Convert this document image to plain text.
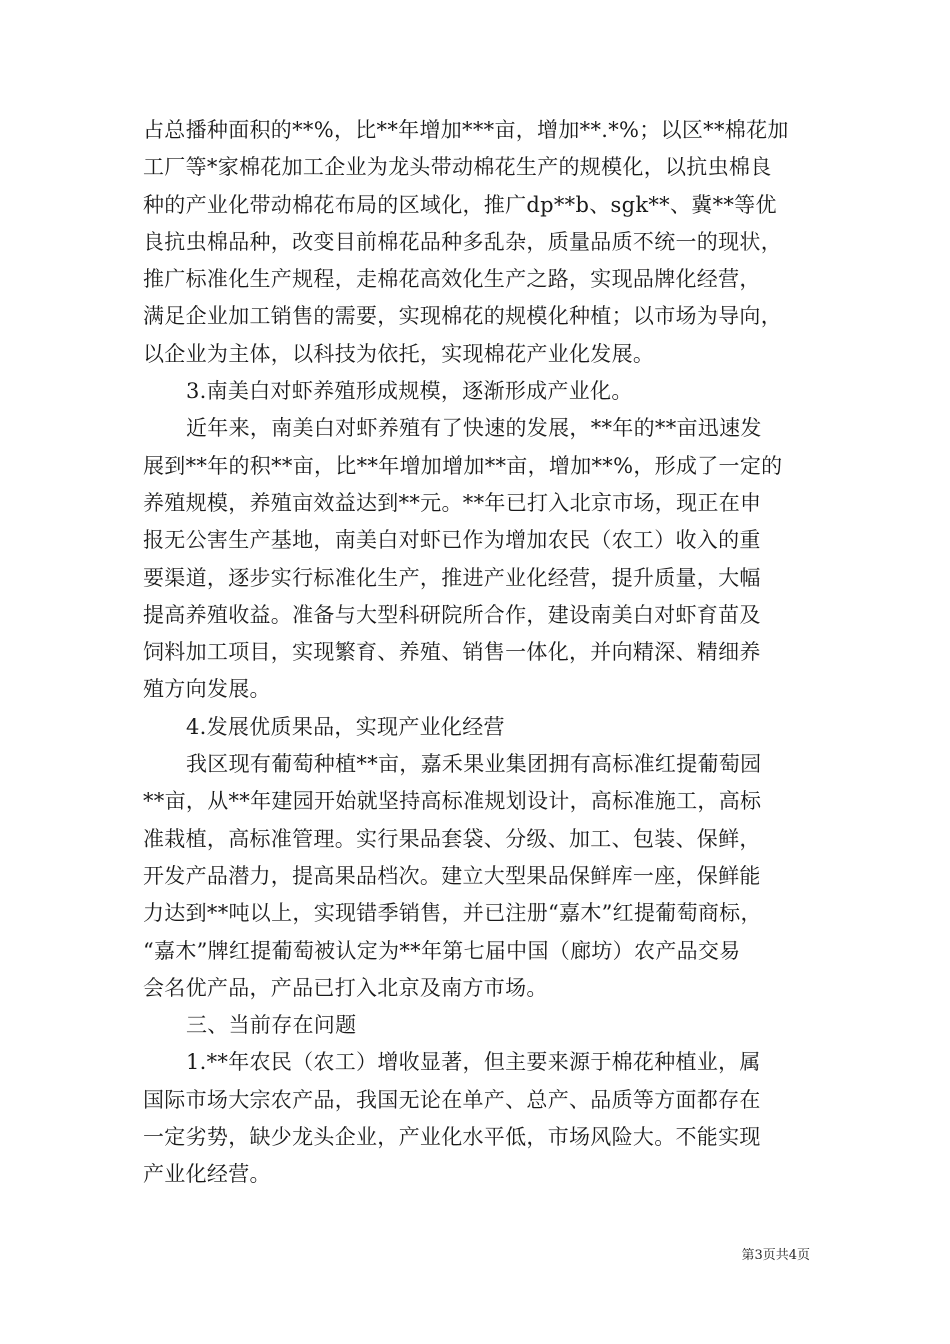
占总播种面积的**%，比**年增加***亩，增加**.*%；以区**棉花加
工厂等*家棉花加工企业为龙头带动棉花生产的规模化，以抗虫棉良
种的产业化带动棉花布局的区域化，推广dp**b、sgk**、冀**等优
良抗虫棉品种，改变目前棉花品种多乱杂，质量品质不统一的现状，
推广标准化生产规程，走棉花高效化生产之路，实现品牌化经营，
满足企业加工销售的需要，实现棉花的规模化种植；以市场为导向，
以企业为主体，以科技为依托，实现棉花产业化发展。
3.南美白对虾养殖形成规模，逐渐形成产业化。
近年来，南美白对虾养殖有了快速的发展，**年的**亩迅速发
展到**年的积**亩，比**年增加增加**亩，增加**%，形成了一定的
养殖规模，养殖亩效益达到**元。**年已打入北京市场，现正在申
报无公害生产基地，南美白对虾已作为增加农民（农工）收入的重
要渠道，逐步实行标准化生产，推进产业化经营，提升质量，大幅
提高养殖收益。准备与大型科研院所合作，建设南美白对虾育苗及
饲料加工项目，实现繁育、养殖、销售一体化，并向精深、精细养
殖方向发展。
4.发展优质果品，实现产业化经营
我区现有葡萄种植**亩，嘉禾果业集团拥有高标准红提葡萄园
**亩，从**年建园开始就坚持高标准规划设计，高标准施工，高标
准栽植，高标准管理。实行果品套袋、分级、加工、包装、保鲜，
开发产品潜力，提高果品档次。建立大型果品保鲜库一座，保鲜能
力达到**吨以上，实现错季销售，并已注册“嘉木”红提葡萄商标，
“嘉木”牌红提葡萄被认定为**年第七届中国（廊坊）农产品交易
会名优产品，产品已打入北京及南方市场。
三、当前存在问题
1.**年农民（农工）增收显著，但主要来源于棉花种植业，属
国际市场大宗农产品，我国无论在单产、总产、品质等方面都存在
一定劣势，缺少龙头企业，产业化水平低，市场风险大。不能实现
产业化经营。
第3页共4页
